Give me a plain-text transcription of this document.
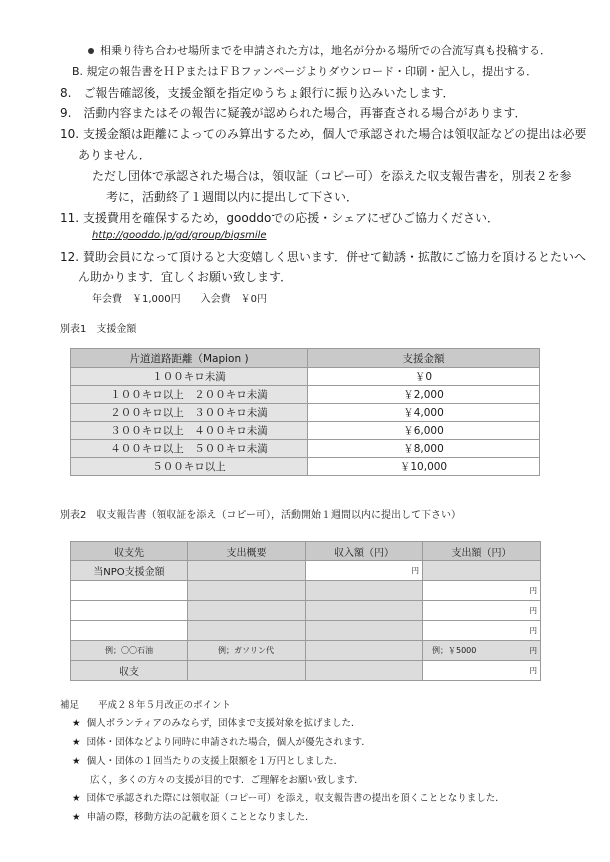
相乗り待ち合わせ場所までを申請された方は，地名が分かる場所での合流写真も投稿する．
B. 規定の報告書をＨＰまたはＦＢファンページよりダウンロード・印刷・記入し，提出する．
8.　ご報告確認後，支援金額を指定ゆうちょ銀行に振り込みいたします．
9.　活動内容またはその報告に疑義が認められた場合，再審査される場合があります．
10. 支援金額は距離によってのみ算出するため，個人で承認された場合は領収証などの提出は必要
ありません．
ただし団体で承認された場合は，領収証（コピー可）を添えた収支報告書を，別表２を参
考に，活動終了１週間以内に提出して下さい．
11. 支援費用を確保するため，gooddoでの応援・シェアにぜひご協力ください．
http://gooddo.jp/gd/group/bigsmile
12. 賛助会員になって頂けると大変嬉しく思います．併せて勧誘・拡散にご協力を頂けるとたいへ
ん助かります．宜しくお願い致します．
年会費　￥1,000円　　入会費　￥0円
別表1　支援金額
片道道路距離（Mapion )	支援金額
１００キロ未満	￥0
１００キロ以上　２００キロ未満	￥2,000
２００キロ以上　３００キロ未満	￥4,000
３００キロ以上　４００キロ未満	￥6,000
４００キロ以上　５００キロ未満	￥8,000
５００キロ以上	￥10,000
別表2　収支報告書（領収証を添え（コピー可），活動開始１週間以内に提出して下さい）
収支先	支出概要	収入額（円）	支出額（円）
当NPO支援金額		円	
			円
			円
			円
例；〇〇石油	例；ガソリン代		例；￥5000 円

収支			円
補足　　平成２８年５月改正のポイント
★ 個人ボランティアのみならず，団体まで支援対象を拡げました．
★ 団体・団体などより同時に申請された場合，個人が優先されます．
★ 個人・団体の１回当たりの支援上限額を１万円としました．
広く，多くの方々の支援が目的です．ご理解をお願い致します．
★ 団体で承認された際には領収証（コピー可）を添え，収支報告書の提出を頂くこととなりました．
★ 申請の際，移動方法の記載を頂くこととなりました．
